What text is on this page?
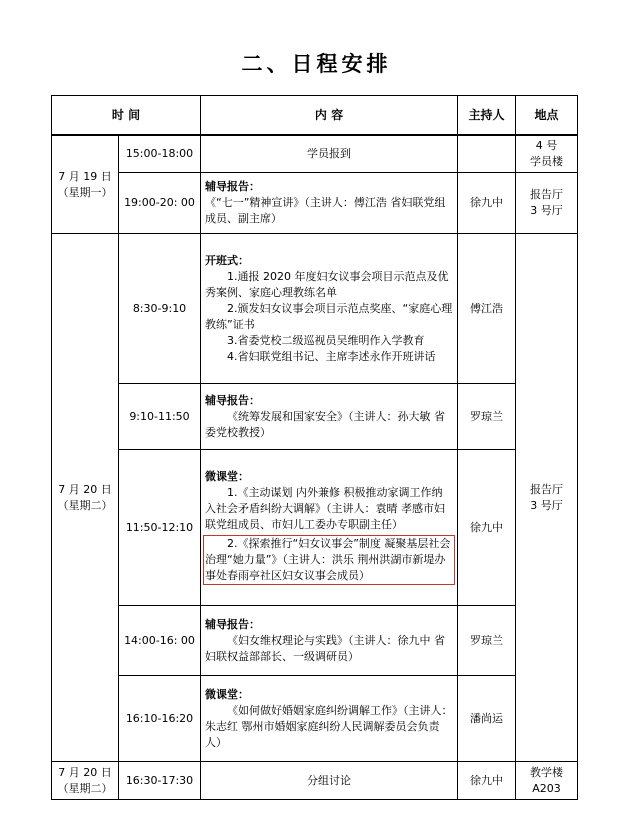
二、日程安排
时 间		内 容	主持人	地点

7 月 19 日
（星期一）	15:00-18:00	学员报到		4 号
学员楼

	19:00-20: 00	辅导报告：
《“七一”精神宣讲》（主讲人：傅江浩 省妇联党组成员、副主席）	徐九中	报告厅
3 号厅

7 月 20 日
（星期二）	8:30-9:10	开班式：
1.通报 2020 年度妇女议事会项目示范点及优秀案例、家庭心理教练名单
2.颁发妇女议事会项目示范点奖座、“家庭心理教练”证书
3.省委党校二级巡视员吴维明作入学教育
4.省妇联党组书记、主席李述永作开班讲话	傅江浩	报告厅
3 号厅

	9:10-11:50	辅导报告：
《统筹发展和国家安全》（主讲人：孙大敏 省委党校教授）	罗琼兰	
	11:50-12:10	微课堂：
1.《主动谋划 内外兼修 积极推动家调工作纳入社会矛盾纠纷大调解》（主讲人：袁晴 孝感市妇联党组成员、市妇儿工委办专职副主任）
2.《探索推行“妇女议事会”制度 凝聚基层社会治理“她力量”》（主讲人：洪乐 荆州洪湖市新堤办事处春雨亭社区妇女议事会成员）	徐九中	
	14:00-16: 00	辅导报告：
《妇女维权理论与实践》（主讲人：徐九中 省妇联权益部部长、一级调研员）	罗琼兰	
	16:10-16:20	微课堂：
《如何做好婚姻家庭纠纷调解工作》（主讲人：朱志红 鄂州市婚姻家庭纠纷人民调解委员会负责人）	潘尚运	

7 月 20 日
（星期二）	16:30-17:30	分组讨论	徐九中	教学楼
A203
